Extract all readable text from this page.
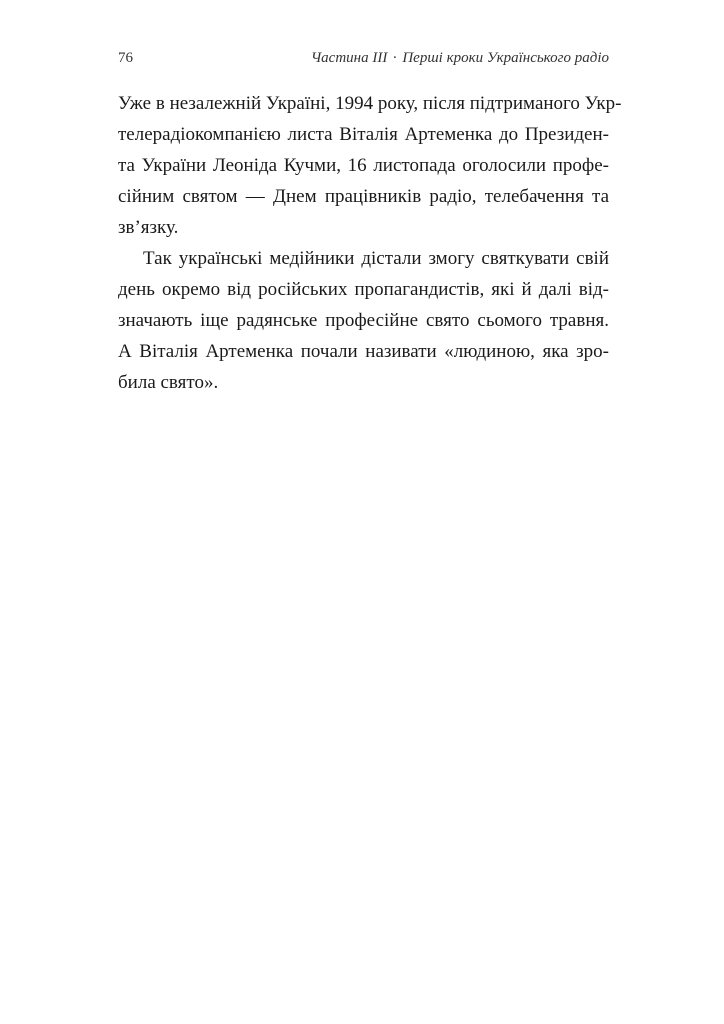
76	Частина III · Перші кроки Українського радіо
Уже в незалежній Україні, 1994 року, після підтриманого Укр-
телерадіокомпанією листа Віталія Артеменка до Президен-
та України Леоніда Кучми, 16 листопада оголосили профе-
сійним святом — Днем працівників радіо, телебачення та
зв’язку.
Так українські медійники дістали змогу святкувати свій
день окремо від російських пропагандистів, які й далі від-
значають іще радянське професійне свято сьомого травня.
А Віталія Артеменка почали називати «людиною, яка зро-
била свято».
